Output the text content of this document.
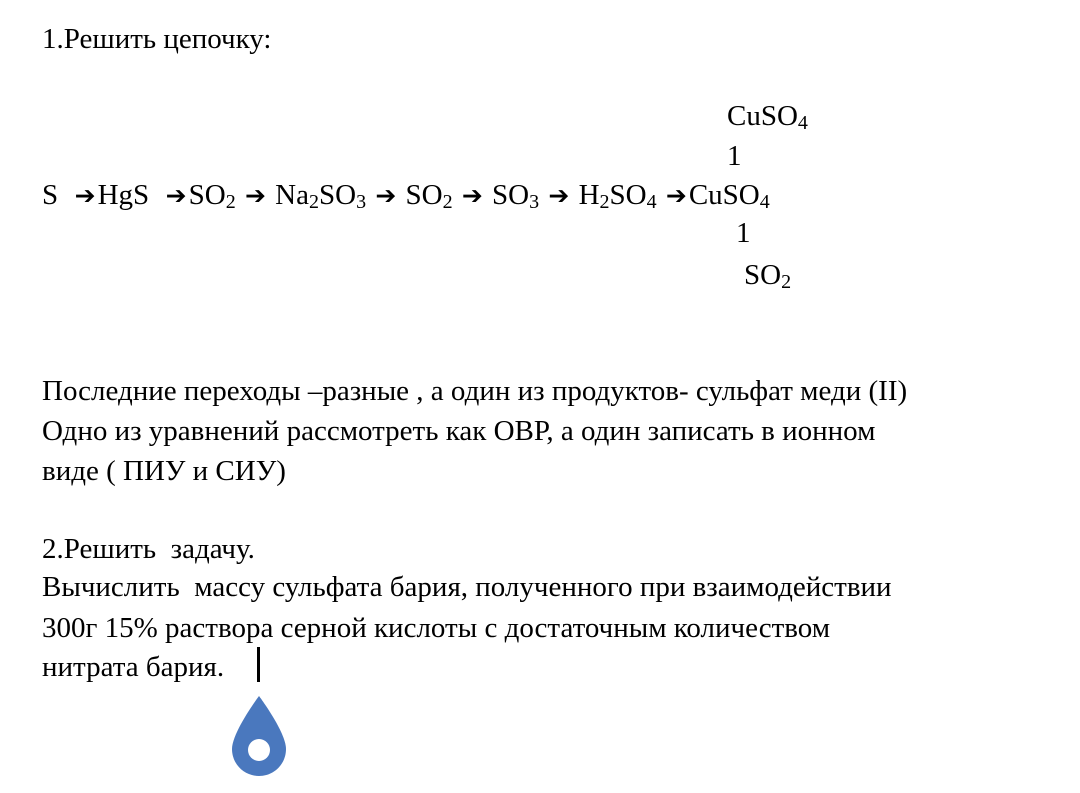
1.Решить цепочку:
CuSO$_4$
1
S ➔HgS $➔SO_2$ ➔ $Na_2SO_3$ ➔ $SO_2$ ➔ $SO_3$ ➔ $H_2SO_4$ ➔CuSO$_4$
1
$SO_2$
Последние переходы –разные , а один из продуктов- сульфат меди (II)
Одно из уравнений рассмотреть как ОВР, а один записать в ионном
виде ( ПИУ и СИУ)
2.Решить  задачу.
Вычислить  массу сульфата бария, полученного при взаимодействии
300г 15% раствора серной кислоты с достаточным количеством
нитрата бария.
